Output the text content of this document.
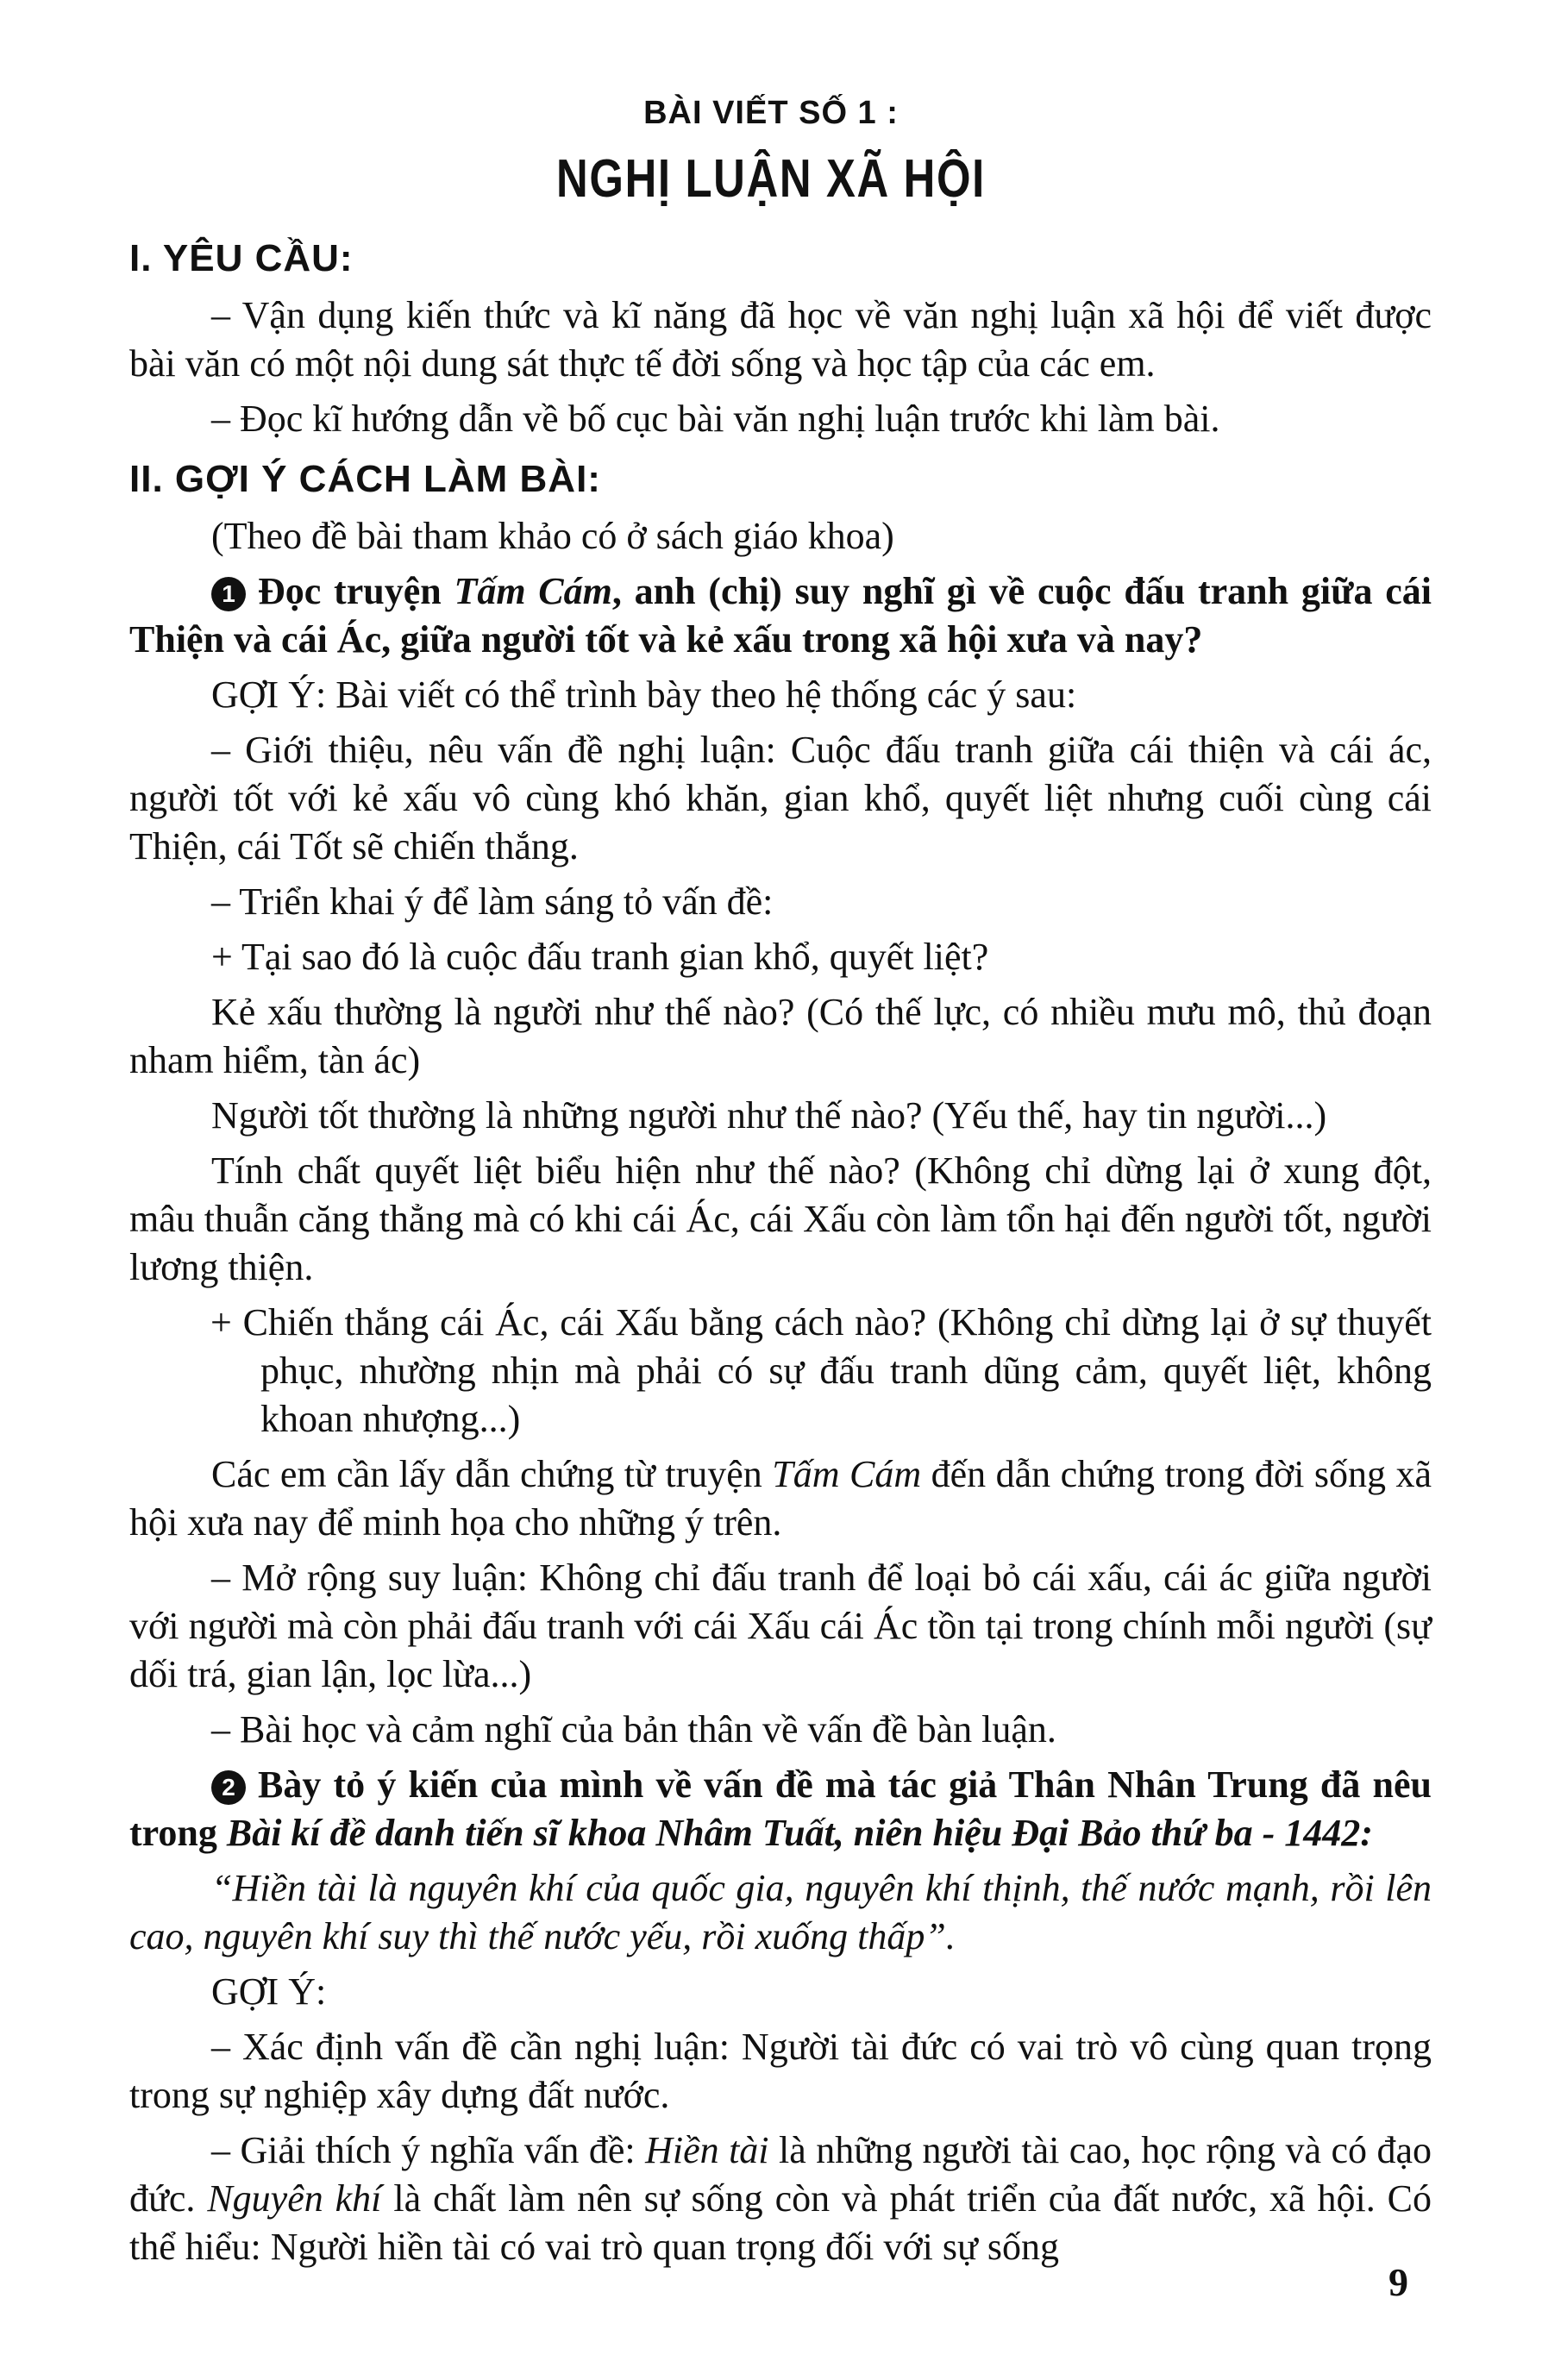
BÀI VIẾT SỐ 1 :
NGHỊ LUẬN XÃ HỘI
I. YÊU CẦU:

– Vận dụng kiến thức và kĩ năng đã học về văn nghị luận xã hội để viết được bài văn có một nội dung sát thực tế đời sống và học tập của các em.

– Đọc kĩ hướng dẫn về bố cục bài văn nghị luận trước khi làm bài.

II. GỢI Ý CÁCH LÀM BÀI:

(Theo đề bài tham khảo có ở sách giáo khoa)

1 Đọc truyện Tấm Cám, anh (chị) suy nghĩ gì về cuộc đấu tranh giữa cái Thiện và cái Ác, giữa người tốt và kẻ xấu trong xã hội xưa và nay?

GỢI Ý: Bài viết có thể trình bày theo hệ thống các ý sau:

– Giới thiệu, nêu vấn đề nghị luận: Cuộc đấu tranh giữa cái thiện và cái ác, người tốt với kẻ xấu vô cùng khó khăn, gian khổ, quyết liệt nhưng cuối cùng cái Thiện, cái Tốt sẽ chiến thắng.

– Triển khai ý để làm sáng tỏ vấn đề:

+ Tại sao đó là cuộc đấu tranh gian khổ, quyết liệt?

Kẻ xấu thường là người như thế nào? (Có thế lực, có nhiều mưu mô, thủ đoạn nham hiểm, tàn ác)

Người tốt thường là những người như thế nào? (Yếu thế, hay tin người...)

Tính chất quyết liệt biểu hiện như thế nào? (Không chỉ dừng lại ở xung đột, mâu thuẫn căng thẳng mà có khi cái Ác, cái Xấu còn làm tổn hại đến người tốt, người lương thiện.

+ Chiến thắng cái Ác, cái Xấu bằng cách nào? (Không chỉ dừng lại ở sự thuyết phục, nhường nhịn mà phải có sự đấu tranh dũng cảm, quyết liệt, không khoan nhượng...)

Các em cần lấy dẫn chứng từ truyện Tấm Cám đến dẫn chứng trong đời sống xã hội xưa nay để minh họa cho những ý trên.

– Mở rộng suy luận: Không chỉ đấu tranh để loại bỏ cái xấu, cái ác giữa người với người mà còn phải đấu tranh với cái Xấu cái Ác tồn tại trong chính mỗi người (sự dối trá, gian lận, lọc lừa...)

– Bài học và cảm nghĩ của bản thân về vấn đề bàn luận.

2 Bày tỏ ý kiến của mình về vấn đề mà tác giả Thân Nhân Trung đã nêu trong Bài kí đề danh tiến sĩ khoa Nhâm Tuất, niên hiệu Đại Bảo thứ ba - 1442:

“Hiền tài là nguyên khí của quốc gia, nguyên khí thịnh, thế nước mạnh, rồi lên cao, nguyên khí suy thì thế nước yếu, rồi xuống thấp”.

GỢI Ý:

– Xác định vấn đề cần nghị luận: Người tài đức có vai trò vô cùng quan trọng trong sự nghiệp xây dựng đất nước.

– Giải thích ý nghĩa vấn đề: Hiền tài là những người tài cao, học rộng và có đạo đức. Nguyên khí là chất làm nên sự sống còn và phát triển của đất nước, xã hội. Có thể hiểu: Người hiền tài có vai trò quan trọng đối với sự sống

9
